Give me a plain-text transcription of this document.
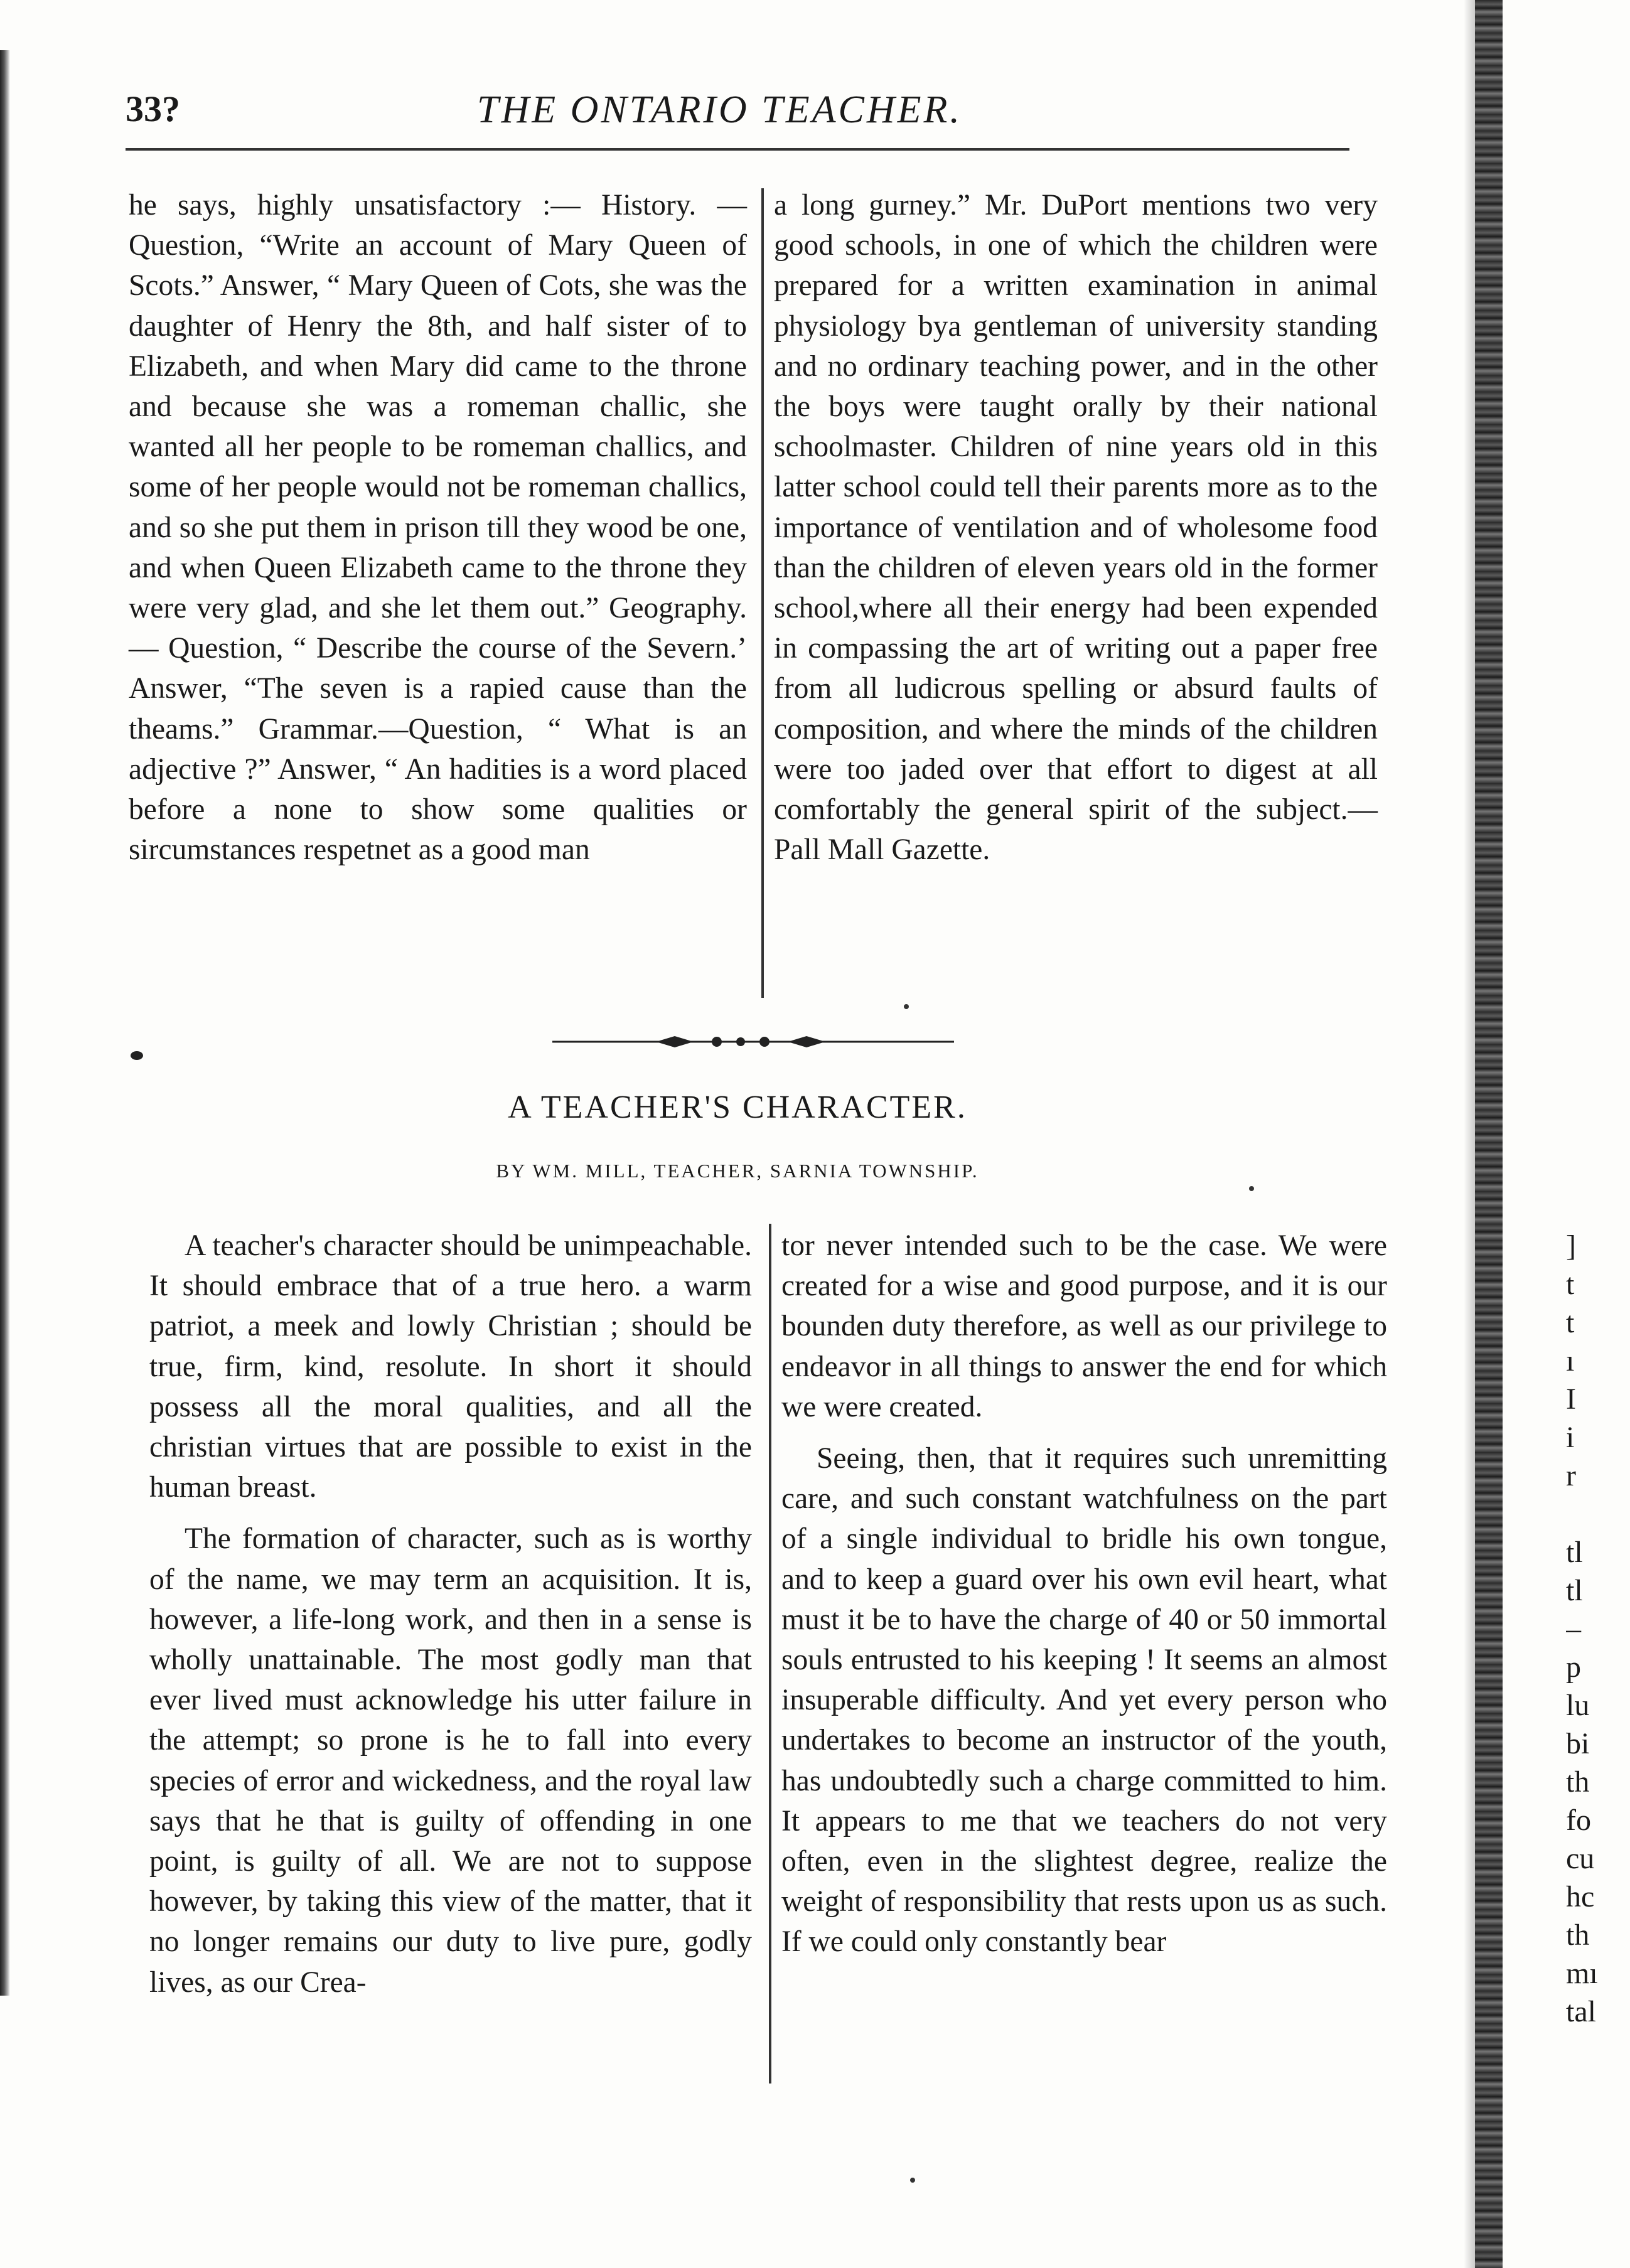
33?	THE ONTARIO TEACHER.

he says, highly unsatisfactory :— History. —Question, “Write an account of Mary Queen of Scots.” Answer, “ Mary Queen of Cots, she was the daughter of Henry the 8th, and half sister of to Elizabeth, and when Mary did came to the throne and because she was a romeman challic, she wanted all her people to be romeman challics, and some of her people would not be romeman challics, and so she put them in prison till they wood be one, and when Queen Elizabeth came to the throne they were very glad, and she let them out.” Geography.— Question, “ Describe the course of the Severn.’ Answer, “The seven is a rapied cause than the theams.” Grammar.—Question, “ What is an adjective ?” Answer, “ An hadities is a word placed before a none to show some qualities or sircumstances respetnet as a good man

a long gurney.” Mr. DuPort mentions two very good schools, in one of which the children were prepared for a written examination in animal physiology bya gentleman of university standing and no ordinary teaching power, and in the other the boys were taught orally by their national schoolmaster. Children of nine years old in this latter school could tell their parents more as to the importance of ventilation and of wholesome food than the children of eleven years old in the former school,where all their energy had been expended in compassing the art of writing out a paper free from all ludicrous spelling or absurd faults of composition, and where the minds of the children were too jaded over that effort to digest at all comfortably the general spirit of the subject.—Pall Mall Gazette.

A TEACHER'S CHARACTER.
BY WM. MILL, TEACHER, SARNIA TOWNSHIP.

A teacher's character should be unimpeachable. It should embrace that of a true hero. a warm patriot, a meek and lowly Christian ; should be true, firm, kind, resolute. In short it should possess all the moral qualities, and all the christian virtues that are possible to exist in the human breast.

The formation of character, such as is worthy of the name, we may term an acquisition. It is, however, a life-long work, and then in a sense is wholly unattainable. The most godly man that ever lived must acknowledge his utter failure in the attempt; so prone is he to fall into every species of error and wickedness, and the royal law says that he that is guilty of offending in one point, is guilty of all. We are not to suppose however, by taking this view of the matter, that it no longer remains our duty to live pure, godly lives, as our Crea-

tor never intended such to be the case. We were created for a wise and good purpose, and it is our bounden duty therefore, as well as our privilege to endeavor in all things to answer the end for which we were created.

Seeing, then, that it requires such unremitting care, and such constant watchfulness on the part of a single individual to bridle his own tongue, and to keep a guard over his own evil heart, what must it be to have the charge of 40 or 50 immortal souls entrusted to his keeping ! It seems an almost insuperable difficulty. And yet every person who undertakes to become an instructor of the youth, has undoubtedly such a charge committed to him. It appears to me that we teachers do not very often, even in the slightest degree, realize the weight of responsibility that rests upon us as such. If we could only constantly bear

]
t
t
ı
I
i
r
tl
tl
–
p
lu
bi
th
fo
cu
hc
th
mı
tal
